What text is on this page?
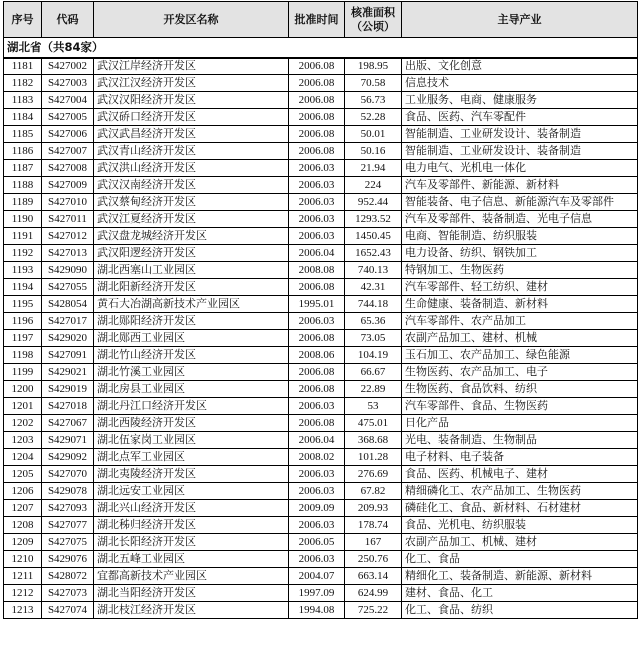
序号	代码	开发区名称	批准时间	核准面积（公顷）	主导产业
湖北省（共84家）					
1181	S427002	武汉江岸经济开发区	2006.08	198.95	出版、文化创意
1182	S427003	武汉江汉经济开发区	2006.08	70.58	信息技术
1183	S427004	武汉汉阳经济开发区	2006.08	56.73	工业服务、电商、健康服务
1184	S427005	武汉硚口经济开发区	2006.08	52.28	食品、医药、汽车零配件
1185	S427006	武汉武昌经济开发区	2006.08	50.01	智能制造、工业研发设计、装备制造
1186	S427007	武汉青山经济开发区	2006.08	50.16	智能制造、工业研发设计、装备制造
1187	S427008	武汉洪山经济开发区	2006.03	21.94	电力电气、光机电一体化
1188	S427009	武汉汉南经济开发区	2006.03	224	汽车及零部件、新能源、新材料
1189	S427010	武汉蔡甸经济开发区	2006.03	952.44	智能装备、电子信息、新能源汽车及零部件
1190	S427011	武汉江夏经济开发区	2006.03	1293.52	汽车及零部件、装备制造、光电子信息
1191	S427012	武汉盘龙城经济开发区	2006.03	1450.45	电商、智能制造、纺织服装
1192	S427013	武汉阳逻经济开发区	2006.04	1652.43	电力设备、纺织、钢铁加工
1193	S429090	湖北西塞山工业园区	2008.08	740.13	特钢加工、生物医药
1194	S427055	湖北阳新经济开发区	2006.08	42.31	汽车零部件、轻工纺织、建材
1195	S428054	黄石大冶湖高新技术产业园区	1995.01	744.18	生命健康、装备制造、新材料
1196	S427017	湖北郧阳经济开发区	2006.03	65.36	汽车零部件、农产品加工
1197	S429020	湖北郧西工业园区	2006.08	73.05	农副产品加工、建材、机械
1198	S427091	湖北竹山经济开发区	2008.06	104.19	玉石加工、农产品加工、绿色能源
1199	S429021	湖北竹溪工业园区	2006.08	66.67	生物医药、农产品加工、电子
1200	S429019	湖北房县工业园区	2006.08	22.89	生物医药、食品饮料、纺织
1201	S427018	湖北丹江口经济开发区	2006.03	53	汽车零部件、食品、生物医药
1202	S427067	湖北西陵经济开发区	2006.08	475.01	日化产品
1203	S429071	湖北伍家岗工业园区	2006.04	368.68	光电、装备制造、生物制品
1204	S429092	湖北点军工业园区	2008.02	101.28	电子材料、电子装备
1205	S427070	湖北夷陵经济开发区	2006.03	276.69	食品、医药、机械电子、建材
1206	S429078	湖北远安工业园区	2006.03	67.82	精细磷化工、农产品加工、生物医药
1207	S427093	湖北兴山经济开发区	2009.09	209.93	磷硅化工、食品、新材料、石材建材
1208	S427077	湖北秭归经济开发区	2006.03	178.74	食品、光机电、纺织服装
1209	S427075	湖北长阳经济开发区	2006.05	167	农副产品加工、机械、建材
1210	S429076	湖北五峰工业园区	2006.03	250.76	化工、食品
1211	S428072	宜都高新技术产业园区	2004.07	663.14	精细化工、装备制造、新能源、新材料
1212	S427073	湖北当阳经济开发区	1997.09	624.99	建材、食品、化工
1213	S427074	湖北枝江经济开发区	1994.08	725.22	化工、食品、纺织
